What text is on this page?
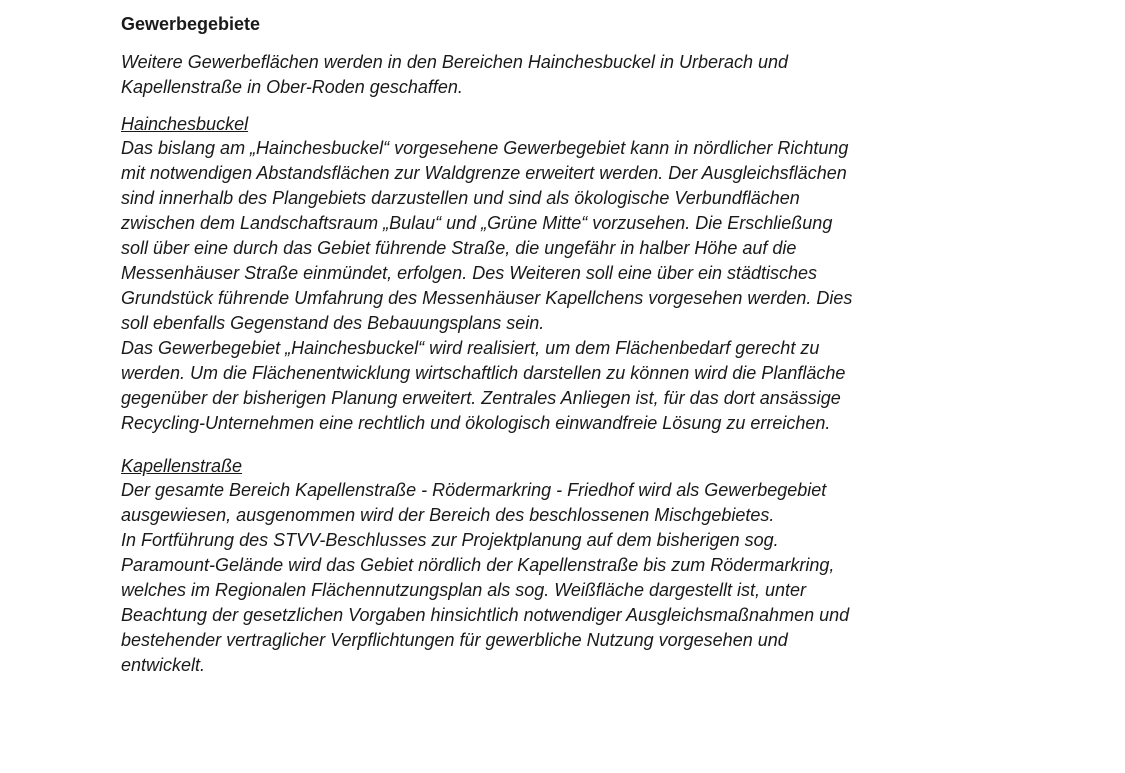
Gewerbegebiete

Weitere Gewerbeflächen werden in den Bereichen Hainchesbuckel in Urberach und
Kapellenstraße in Ober-Roden geschaffen.

Hainchesbuckel

Das bislang am „Hainchesbuckel“ vorgesehene Gewerbegebiet kann in nördlicher Richtung
mit notwendigen Abstandsflächen zur Waldgrenze erweitert werden. Der Ausgleichsflächen
sind innerhalb des Plangebiets darzustellen und sind als ökologische Verbundflächen
zwischen dem Landschaftsraum „Bulau“ und „Grüne Mitte“ vorzusehen. Die Erschließung
soll über eine durch das Gebiet führende Straße, die ungefähr in halber Höhe auf die
Messenhäuser Straße einmündet, erfolgen. Des Weiteren soll eine über ein städtisches
Grundstück führende Umfahrung des Messenhäuser Kapellchens vorgesehen werden. Dies
soll ebenfalls Gegenstand des Bebauungsplans sein.
Das Gewerbegebiet „Hainchesbuckel“ wird realisiert, um dem Flächenbedarf gerecht zu
werden. Um die Flächenentwicklung wirtschaftlich darstellen zu können wird die Planfläche
gegenüber der bisherigen Planung erweitert. Zentrales Anliegen ist, für das dort ansässige
Recycling-Unternehmen eine rechtlich und ökologisch einwandfreie Lösung zu erreichen.

Kapellenstraße

Der gesamte Bereich Kapellenstraße - Rödermarkring - Friedhof wird als Gewerbegebiet
ausgewiesen, ausgenommen wird der Bereich des beschlossenen Mischgebietes.
In Fortführung des STVV-Beschlusses zur Projektplanung auf dem bisherigen sog.
Paramount-Gelände wird das Gebiet nördlich der Kapellenstraße bis zum Rödermarkring,
welches im Regionalen Flächennutzungsplan als sog. Weißfläche dargestellt ist, unter
Beachtung der gesetzlichen Vorgaben hinsichtlich notwendiger Ausgleichsmaßnahmen und
bestehender vertraglicher Verpflichtungen für gewerbliche Nutzung vorgesehen und
entwickelt.
